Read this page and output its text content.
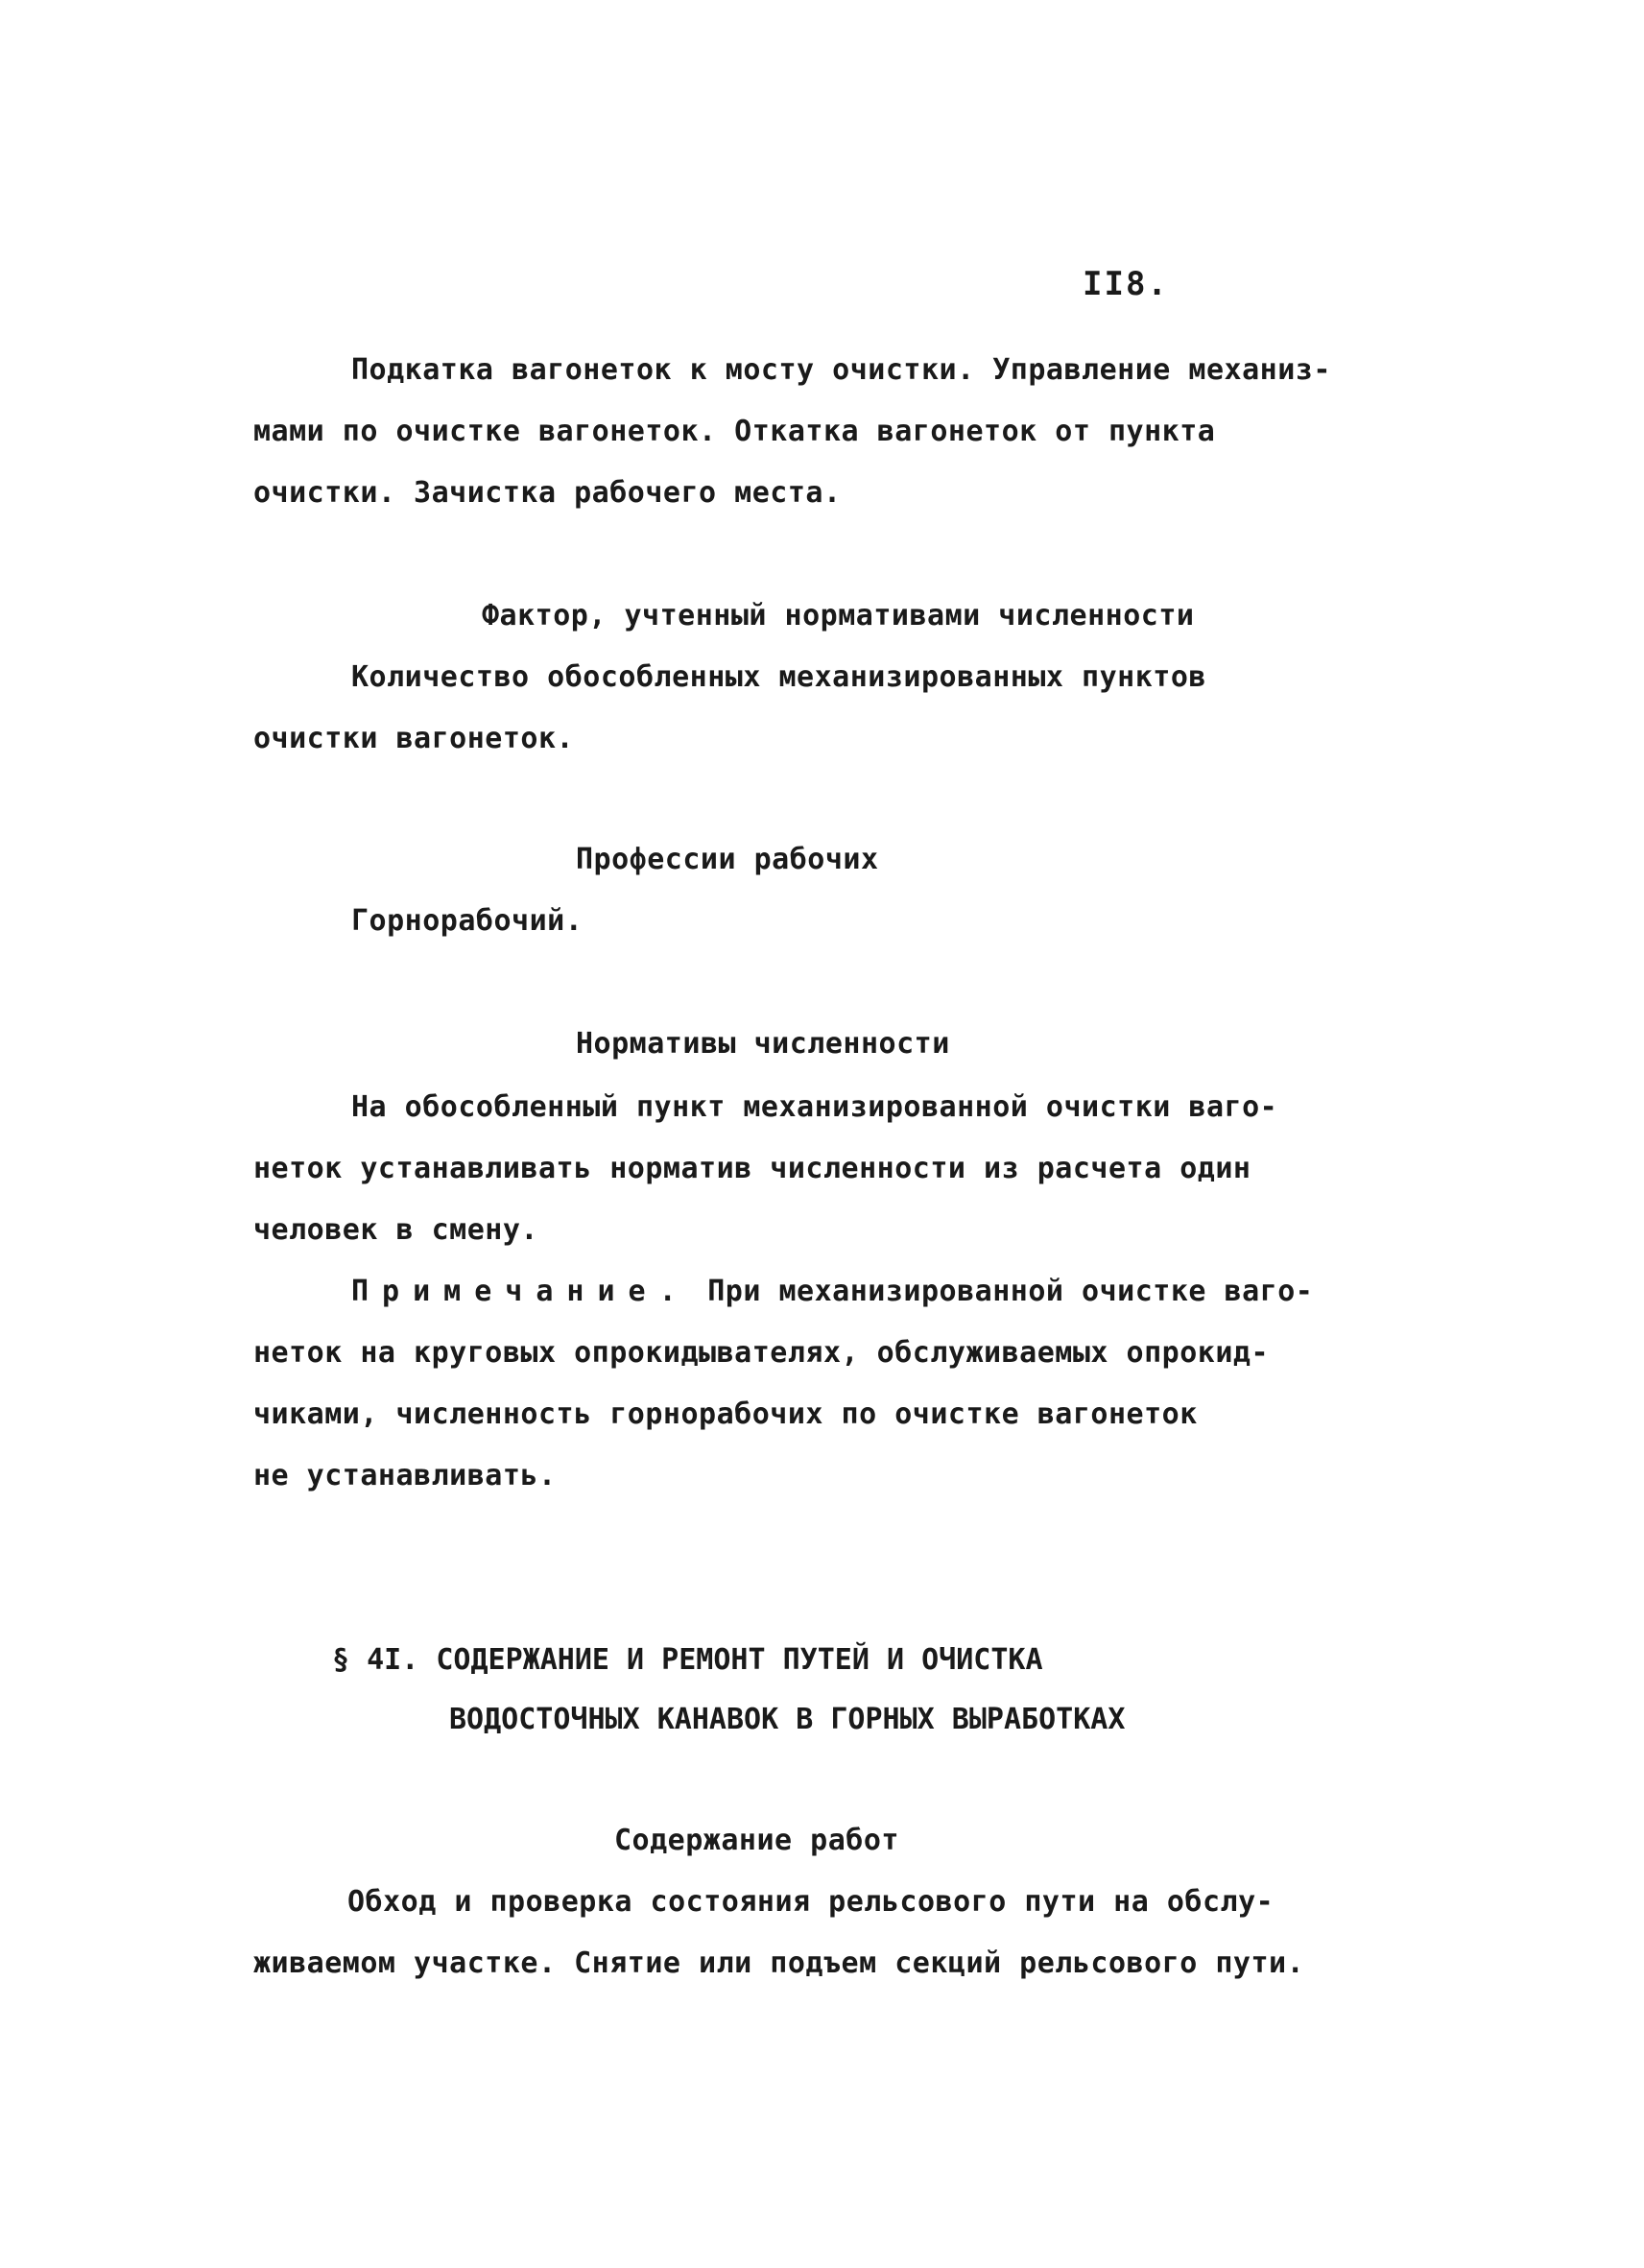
II8.
Подкатка вагонеток к мосту очистки. Управление механиз-
мами по очистке вагонеток. Откатка вагонеток от пункта
очистки. Зачистка рабочего места.
Фактор, учтенный нормативами численности
Количество обособленных механизированных пунктов
очистки вагонеток.
Профессии рабочих
Горнорабочий.
Нормативы численности
На обособленный пункт механизированной очистки ваго-
неток устанавливать норматив численности из расчета один
человек в смену.
Примечание. При механизированной очистке ваго-
неток на круговых опрокидывателях, обслуживаемых опрокид-
чиками, численность горнорабочих по очистке вагонеток
не устанавливать.
§ 4I. СОДЕРЖАНИЕ И РЕМОНТ ПУТЕЙ И ОЧИСТКА
ВОДОСТОЧНЫХ КАНАВОК В ГОРНЫХ ВЫРАБОТКАХ
Содержание работ
Обход и проверка состояния рельсового пути на обслу-
живаемом участке. Снятие или подъем секций рельсового пути.
